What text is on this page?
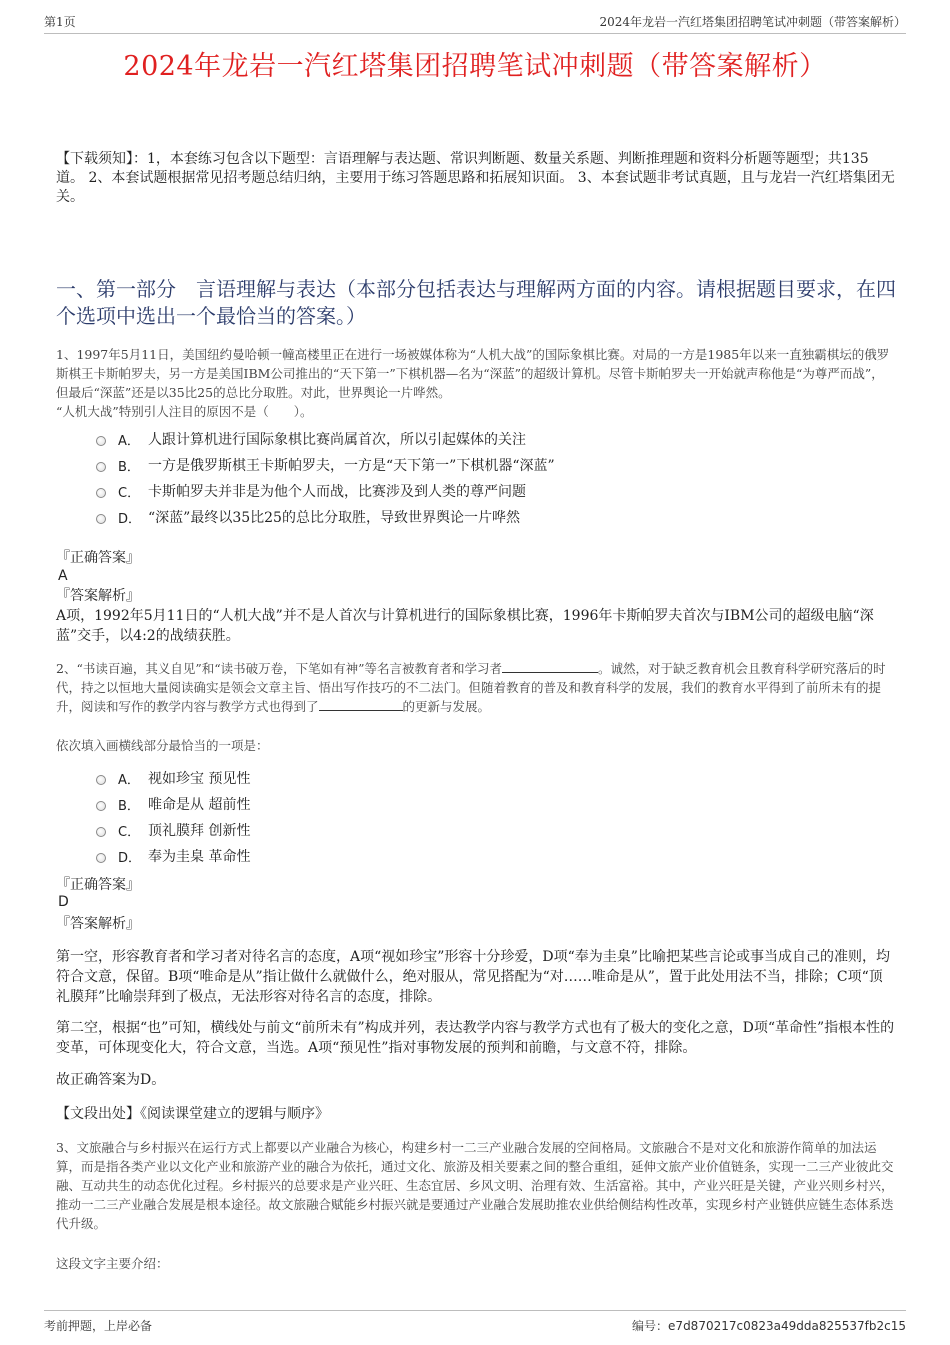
第1页	2024年龙岩一汽红塔集团招聘笔试冲刺题（带答案解析）
2024年龙岩一汽红塔集团招聘笔试冲刺题（带答案解析）
【下载须知】：1，本套练习包含以下题型：言语理解与表达题、常识判断题、数量关系题、判断推理题和资料分析题等题型；共135道。 2、本套试题根据常见招考题总结归纳，主要用于练习答题思路和拓展知识面。 3、本套试题非考试真题，且与龙岩一汽红塔集团无关。
一、第一部分　言语理解与表达（本部分包括表达与理解两方面的内容。请根据题目要求，在四个选项中选出一个最恰当的答案。）
1、1997年5月11日，美国纽约曼哈顿一幢高楼里正在进行一场被媒体称为“人机大战”的国际象棋比赛。对局的一方是1985年以来一直独霸棋坛的俄罗斯棋王卡斯帕罗夫，另一方是美国IBM公司推出的“天下第一”下棋机器—名为“深蓝”的超级计算机。尽管卡斯帕罗夫一开始就声称他是“为尊严而战”，但最后“深蓝”还是以35比25的总比分取胜。对此，世界舆论一片哗然。
“人机大战”特别引人注目的原因不是（　　）。
A． 人跟计算机进行国际象棋比赛尚属首次，所以引起媒体的关注
B． 一方是俄罗斯棋王卡斯帕罗夫，一方是“天下第一”下棋机器“深蓝”
C． 卡斯帕罗夫并非是为他个人而战，比赛涉及到人类的尊严问题
D． “深蓝”最终以35比25的总比分取胜，导致世界舆论一片哗然
『正确答案』
A
『答案解析』
A项，1992年5月11日的“人机大战”并不是人首次与计算机进行的国际象棋比赛，1996年卡斯帕罗夫首次与IBM公司的超级电脑“深蓝”交手，以4:2的战绩获胜。
2、“书读百遍，其义自见”和“读书破万卷，下笔如有神”等名言被教育者和学习者	。诚然，对于缺乏教育机会且教育科学研究落后的时代，持之以恒地大量阅读确实是领会文章主旨、悟出写作技巧的不二法门。但随着教育的普及和教育科学的发展，我们的教育水平得到了前所未有的提升，阅读和写作的教学内容与教学方式也得到了	的更新与发展。
依次填入画横线部分最恰当的一项是：
A． 视如珍宝 预见性
B． 唯命是从 超前性
C． 顶礼膜拜 创新性
D． 奉为圭臬 革命性
『正确答案』
D
『答案解析』
第一空，形容教育者和学习者对待名言的态度，A项“视如珍宝”形容十分珍爱，D项“奉为圭臬”比喻把某些言论或事当成自己的准则，均符合文意，保留。B项“唯命是从”指让做什么就做什么，绝对服从，常见搭配为“对……唯命是从”，置于此处用法不当，排除；C项“顶礼膜拜”比喻崇拜到了极点，无法形容对待名言的态度，排除。
第二空，根据“也”可知，横线处与前文“前所未有”构成并列，表达教学内容与教学方式也有了极大的变化之意，D项“革命性”指根本性的变革，可体现变化大，符合文意，当选。A项“预见性”指对事物发展的预判和前瞻，与文意不符，排除。
故正确答案为D。
【文段出处】《阅读课堂建立的逻辑与顺序》
3、文旅融合与乡村振兴在运行方式上都要以产业融合为核心，构建乡村一二三产业融合发展的空间格局。文旅融合不是对文化和旅游作简单的加法运算，而是指各类产业以文化产业和旅游产业的融合为依托，通过文化、旅游及相关要素之间的整合重组，延伸文旅产业价值链条，实现一二三产业彼此交融、互动共生的动态优化过程。乡村振兴的总要求是产业兴旺、生态宜居、乡风文明、治理有效、生活富裕。其中，产业兴旺是关键，产业兴则乡村兴，推动一二三产业融合发展是根本途径。故文旅融合赋能乡村振兴就是要通过产业融合发展助推农业供给侧结构性改革，实现乡村产业链供应链生态体系迭代升级。
这段文字主要介绍：
考前押题，上岸必备	编号：e7d870217c0823a49dda825537fb2c15
